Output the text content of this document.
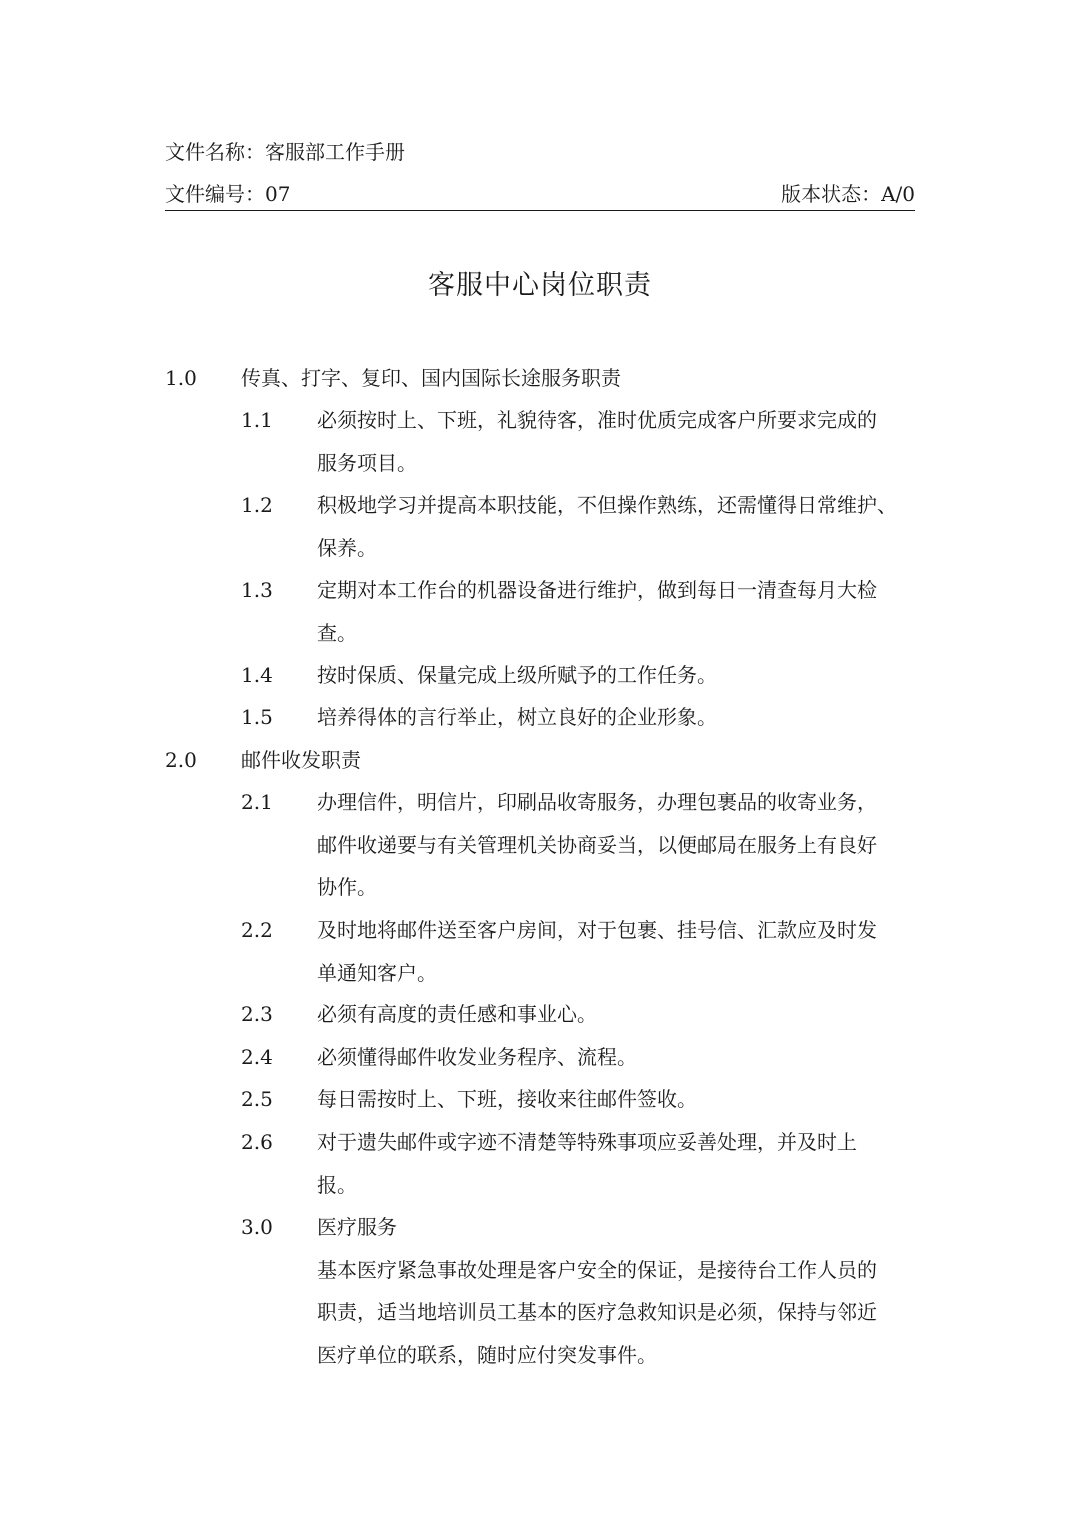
文件名称：客服部工作手册
文件编号：07	版本状态：A/0
客服中心岗位职责
1.0 传真、打字、复印、国内国际长途服务职责
1.1 必须按时上、下班，礼貌待客，准时优质完成客户所要求完成的
服务项目。
1.2 积极地学习并提高本职技能，不但操作熟练，还需懂得日常维护、
保养。
1.3 定期对本工作台的机器设备进行维护，做到每日一清查每月大检
查。
1.4 按时保质、保量完成上级所赋予的工作任务。
1.5 培养得体的言行举止，树立良好的企业形象。
2.0 邮件收发职责
2.1 办理信件，明信片，印刷品收寄服务，办理包裹品的收寄业务，
邮件收递要与有关管理机关协商妥当，以便邮局在服务上有良好
协作。
2.2 及时地将邮件送至客户房间，对于包裹、挂号信、汇款应及时发
单通知客户。
2.3 必须有高度的责任感和事业心。
2.4 必须懂得邮件收发业务程序、流程。
2.5 每日需按时上、下班，接收来往邮件签收。
2.6 对于遗失邮件或字迹不清楚等特殊事项应妥善处理，并及时上
报。
3.0 医疗服务
基本医疗紧急事故处理是客户安全的保证，是接待台工作人员的
职责，适当地培训员工基本的医疗急救知识是必须，保持与邻近
医疗单位的联系，随时应付突发事件。
